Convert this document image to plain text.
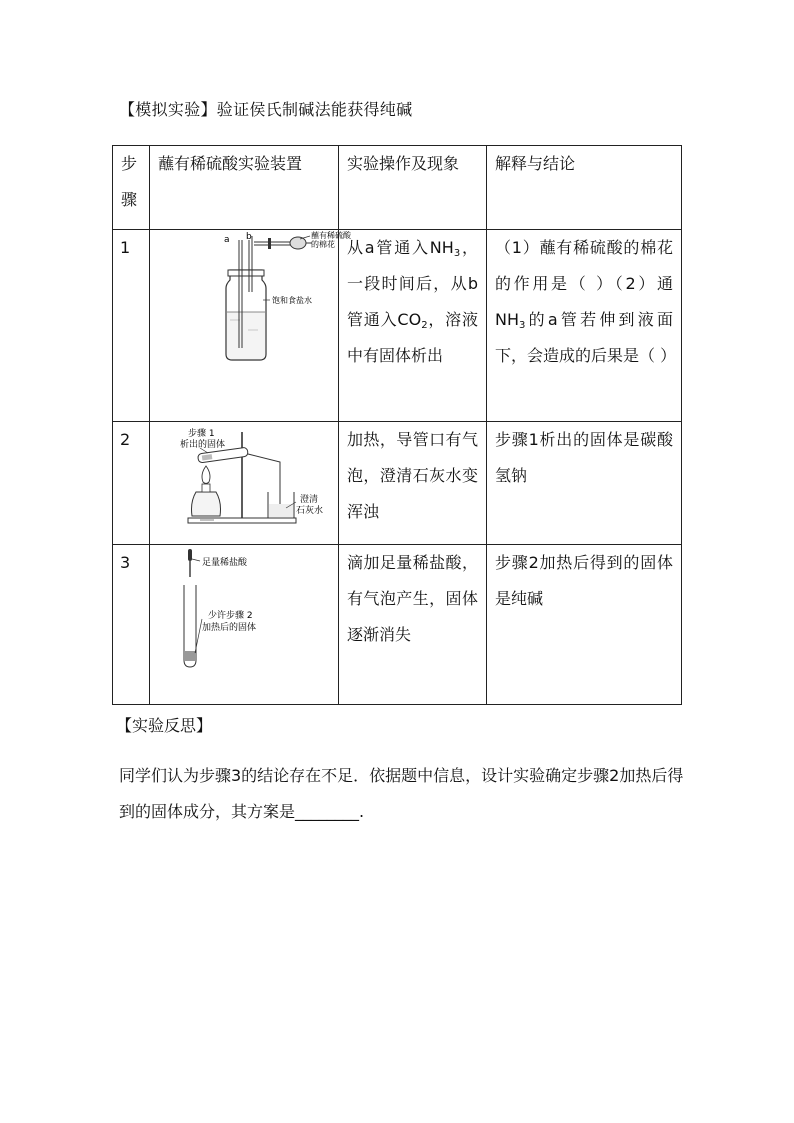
【模拟实验】验证侯氏制碱法能获得纯碱
步骤	蘸有稀硫酸实验装置	实验操作及现象	解释与结论
1	a b 蘸有稀硫酸
的棉花
饱和食盐水	从a管通入$NH_3$，一段时间后，从b管通入$CO_2$，溶液中有固体析出	（1）蘸有稀硫酸的棉花的作用是（ ）（2）通$NH_3$的a管若伸到液面下，会造成的后果是（ ）
2	步骤 1
析出的固体
澄清
石灰水	加热，导管口有气泡，澄清石灰水变浑浊	步骤1析出的固体是碳酸氢钠
3	足量稀盐酸
少许步骤 2
加热后的固体	滴加足量稀盐酸，有气泡产生，固体逐渐消失	步骤2加热后得到的固体是纯碱
【实验反思】
同学们认为步骤3的结论存在不足．依据题中信息，设计实验确定步骤2加热后得到的固体成分，其方案是________.
